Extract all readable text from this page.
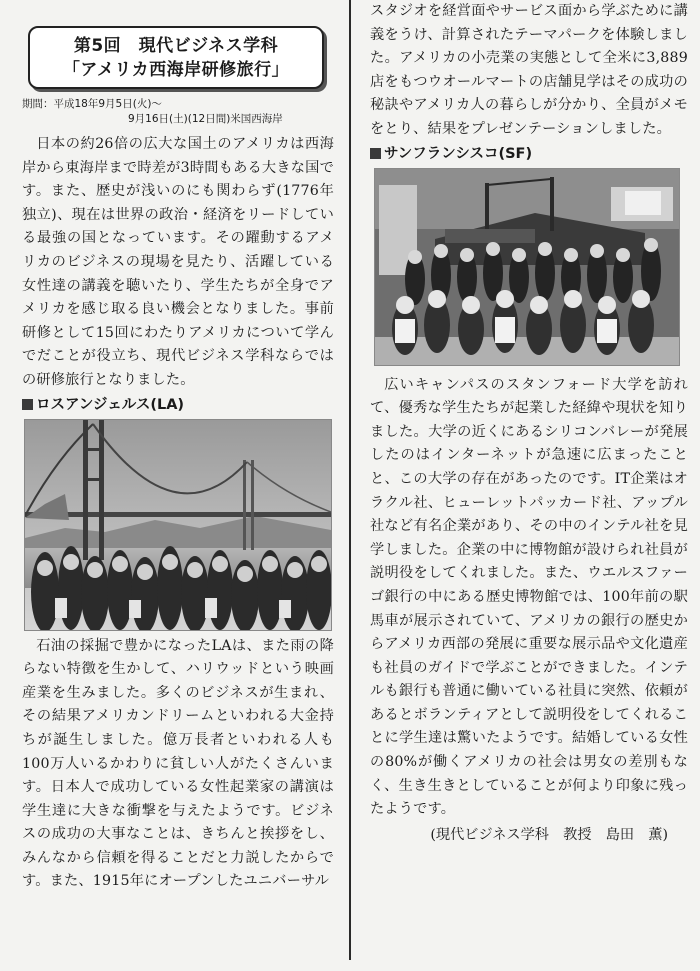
第5回　現代ビジネス学科

「アメリカ西海岸研修旅行」

期間：平成18年9月5日(火)～
9月16日(土)(12日間)米国西海岸

日本の約26倍の広大な国土のアメリカは西海岸から東海岸まで時差が3時間もある大きな国です。また、歴史が浅いのにも関わらず(1776年独立)、現在は世界の政治・経済をリードしている最強の国となっています。その躍動するアメリカのビジネスの現場を見たり、活躍している女性達の講義を聴いたり、学生たちが全身でアメリカを感じ取る良い機会となりました。事前研修として15回にわたりアメリカについて学んでだことが役立ち、現代ビジネス学科ならではの研修旅行となりました。

ロスアンジェルス(LA)

石油の採掘で豊かになったLAは、また雨の降らない特徴を生かして、ハリウッドという映画産業を生みました。多くのビジネスが生まれ、その結果アメリカンドリームといわれる大金持ちが誕生しました。億万長者といわれる人も100万人いるかわりに貧しい人がたくさんいます。日本人で成功している女性起業家の講演は学生達に大きな衝撃を与えたようです。ビジネスの成功の大事なことは、きちんと挨拶をし、みんなから信頼を得ることだと力説したからです。また、1915年にオープンしたユニバーサル

スタジオを経営面やサービス面から学ぶために講義をうけ、計算されたテーマパークを体験しました。アメリカの小売業の実態として全米に3,889店をもつウオールマートの店舗見学はその成功の秘訣やアメリカ人の暮らしが分かり、全員がメモをとり、結果をプレゼンテーションしました。

サンフランシスコ(SF)

広いキャンパスのスタンフォード大学を訪れて、優秀な学生たちが起業した経緯や現状を知りました。大学の近くにあるシリコンバレーが発展したのはインターネットが急速に広まったことと、この大学の存在があったのです。IT企業はオラクル社、ヒューレットパッカード社、アップル社など有名企業があり、その中のインテル社を見学しました。企業の中に博物館が設けられ社員が説明役をしてくれました。また、ウエルスファーゴ銀行の中にある歴史博物館では、100年前の駅馬車が展示されていて、アメリカの銀行の歴史からアメリカ西部の発展に重要な展示品や文化遺産も社員のガイドで学ぶことができました。インテルも銀行も普通に働いている社員に突然、依頼があるとボランティアとして説明役をしてくれることに学生達は驚いたようです。結婚している女性の80%が働くアメリカの社会は男女の差別もなく、生き生きとしていることが何より印象に残ったようです。

(現代ビジネス学科　教授　島田　薫)
